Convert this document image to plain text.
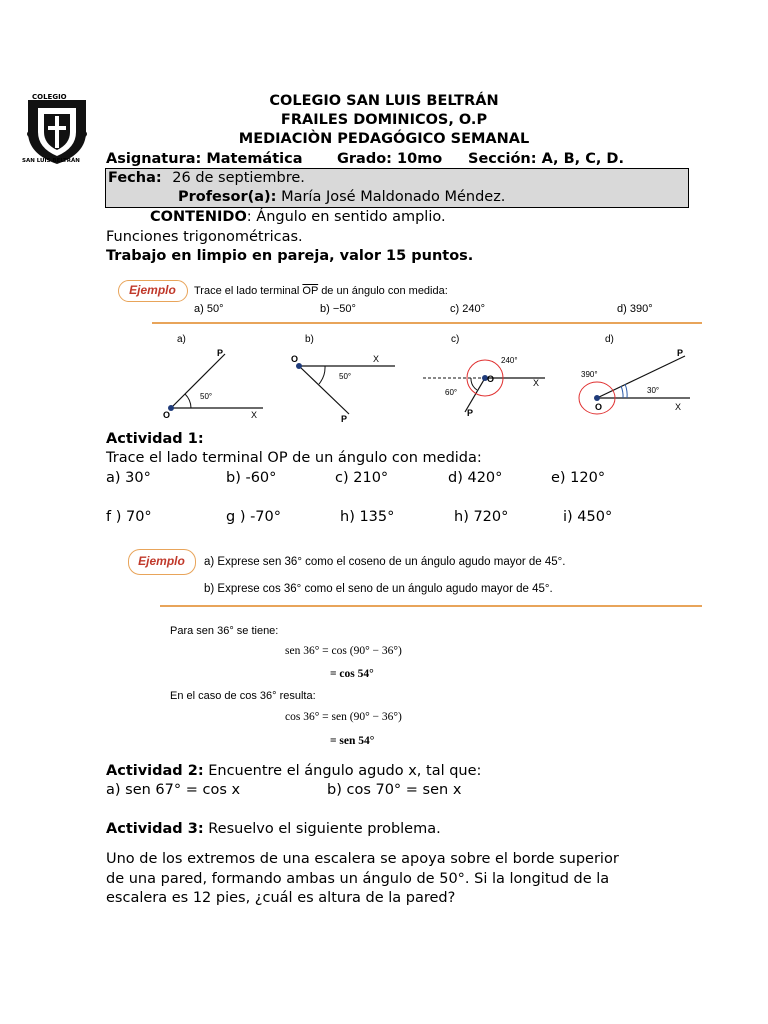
COLEGIO
SAN LUIS BELTRÁN
COLEGIO SAN LUIS BELTRÁN
FRAILES DOMINICOS, O.P
MEDIACIÒN PEDAGÓGICO SEMANAL
Asignatura: Matemática Grado: 10mo Sección: A, B, C, D.
Fecha: 26 de septiembre.
Profesor(a): María José Maldonado Méndez.
CONTENIDO: Ángulo en sentido amplio.
Funciones trigonométricas.
Trabajo en limpio en pareja, valor 15 puntos.
Ejemplo	Trace el lado terminal $\overline{OP}$ de un ángulo con medida:
a) 50°	b) −50°	c) 240°	d) 390°
a)
P
O	X
50°
b)
O	X
P
50°
c)
240°
60°
O	X
P
d)
390°
30°
P
O	X
Actividad 1:
Trace el lado terminal OP de un ángulo con medida:
a) 30°	b) -60°	c) 210°	d) 420°	e) 120°
f ) 70°	g ) -70°	h) 135°	h) 720°	i) 450°
Ejemplo	a) Exprese sen 36° como el coseno de un ángulo agudo mayor de 45°.
b) Exprese cos 36° como el seno de un ángulo agudo mayor de 45°.
Para sen 36° se tiene:
sen 36° = cos (90° − 36°)
= cos 54°
En el caso de cos 36° resulta:
cos 36° = sen (90° − 36°)
= sen 54°
Actividad 2: Encuentre el ángulo agudo x, tal que:
a) sen 67° = cos x	b) cos 70° = sen x
Actividad 3: Resuelvo el siguiente problema.
Uno de los extremos de una escalera se apoya sobre el borde superior
de una pared, formando ambas un ángulo de 50°. Si la longitud de la
escalera es 12 pies, ¿cuál es altura de la pared?
